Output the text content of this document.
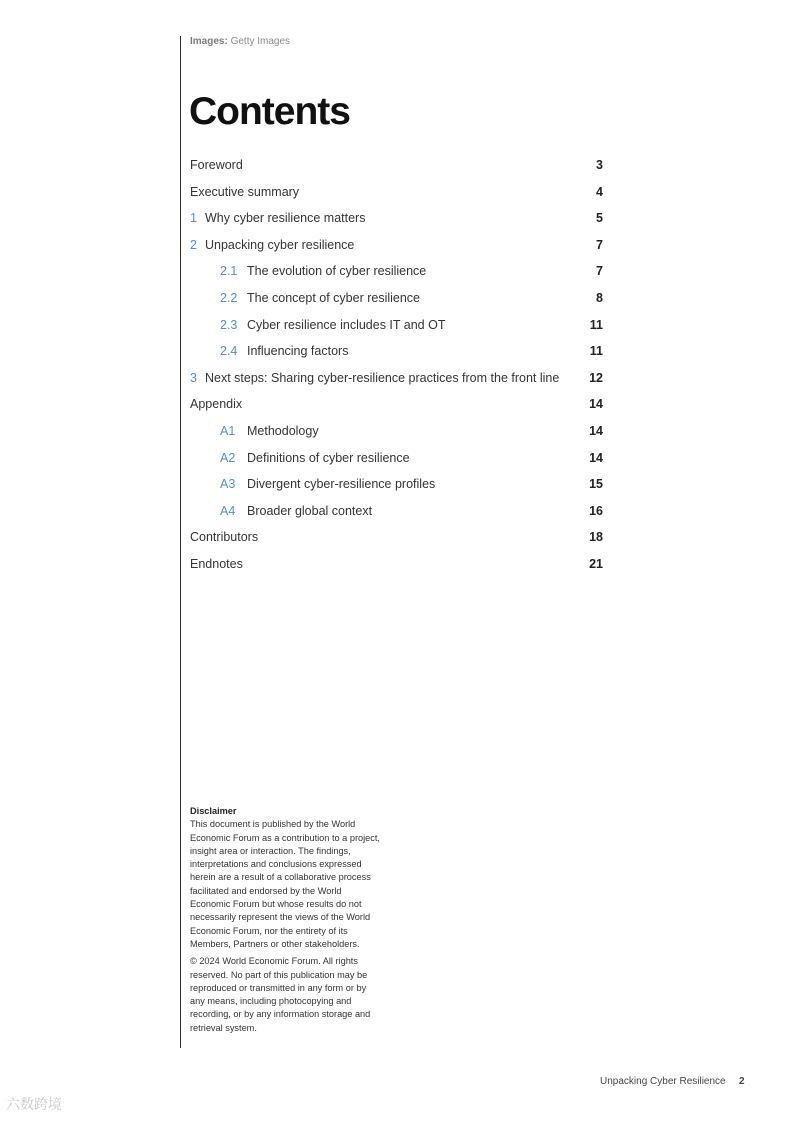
Images: Getty Images
Contents
Foreword	3
Executive summary	4
1 Why cyber resilience matters	5
2 Unpacking cyber resilience	7
2.1 The evolution of cyber resilience	7
2.2 The concept of cyber resilience	8
2.3 Cyber resilience includes IT and OT	11
2.4 Influencing factors	11
3 Next steps: Sharing cyber-resilience practices from the front line 12
Appendix	14
A1 Methodology	14
A2 Definitions of cyber resilience	14
A3 Divergent cyber-resilience profiles	15
A4 Broader global context	16
Contributors	18
Endnotes	21

Disclaimer

This document is published by the World Economic Forum as a contribution to a project, insight area or interaction. The findings, interpretations and conclusions expressed herein are a result of a collaborative process facilitated and endorsed by the World Economic Forum but whose results do not necessarily represent the views of the World Economic Forum, nor the entirety of its Members, Partners or other stakeholders.

© 2024 World Economic Forum. All rights reserved. No part of this publication may be reproduced or transmitted in any form or by any means, including photocopying and recording, or by any information storage and retrieval system.

Unpacking Cyber Resilience 2
六数跨境
